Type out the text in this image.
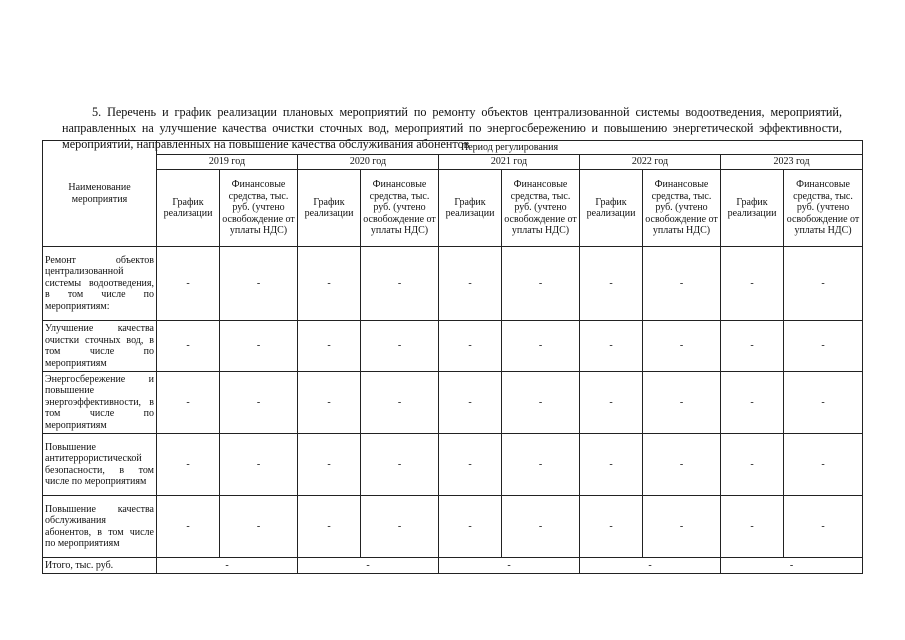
5. Перечень и график реализации плановых мероприятий по ремонту объектов централизованной системы водоотведения, мероприятий, направленных на улучшение качества очистки сточных вод, мероприятий по энергосбережению и повышению энергетической эффективности, мероприятий, направленных на повышение качества обслуживания абонентов

Наименование мероприятия	Период регулирования									
	2019 год		2020 год		2021 год		2022 год		2023 год	
	График реализации	Финансовые средства, тыс. руб. (учтено освобождение от уплаты НДС)	График реализации	Финансовые средства, тыс. руб. (учтено освобождение от уплаты НДС)	График реализации	Финансовые средства, тыс. руб. (учтено освобождение от уплаты НДС)	График реализации	Финансовые средства, тыс. руб. (учтено освобождение от уплаты НДС)	График реализации	Финансовые средства, тыс. руб. (учтено освобождение от уплаты НДС)
Ремонт объектов централизованной системы водоотведения, в том числе по мероприятиям:	-	-	-	-	-	-	-	-	-	-
Улучшение качества очистки сточных вод, в том числе по мероприятиям	-	-	-	-	-	-	-	-	-	-
Энергосбережение и повышение энергоэффективности, в том числе по мероприятиям	-	-	-	-	-	-	-	-	-	-
Повышение антитеррористической безопасности, в том числе по мероприятиям	-	-	-	-	-	-	-	-	-	-
Повышение качества обслуживания абонентов, в том числе по мероприятиям	-	-	-	-	-	-	-	-	-	-
Итого, тыс. руб.	-		-		-		-		-	
